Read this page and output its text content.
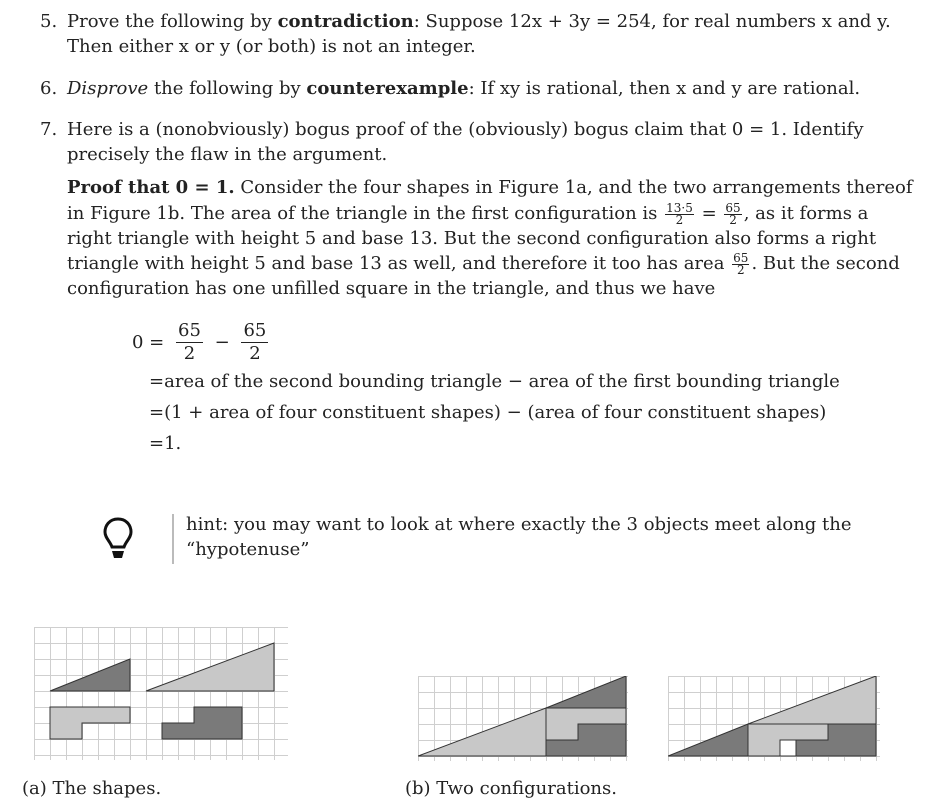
5. Prove the following by contradiction: Suppose 12x + 3y = 254, for real numbers x and y.
Then either x or y (or both) is not an integer.
6. Disprove the following by counterexample: If xy is rational, then x and y are rational.
7. Here is a (nonobviously) bogus proof of the (obviously) bogus claim that 0 = 1. Identify
precisely the flaw in the argument.
Proof that 0 = 1. Consider the four shapes in Figure 1a, and the two arrangements thereof
in Figure 1b. The area of the triangle in the first configuration is $\frac{13\cdot 5}{2} = \frac{65}{2}$ , as it forms a
right triangle with height 5 and base 13. But the second configuration also forms a right
triangle with height 5 and base 13 as well, and therefore it too has area $\frac{65}{2}$ . But the second
configuration has one unfilled square in the triangle, and thus we have
$0 = \frac{65}{2} - \frac{65}{2}$
=area of the second bounding triangle − area of the first bounding triangle
=(1 + area of four constituent shapes) − (area of four constituent shapes)
=1.
hint: you may want to look at where exactly the 3 objects meet along the
“hypotenuse”
(a) The shapes.	(b) Two configurations.
